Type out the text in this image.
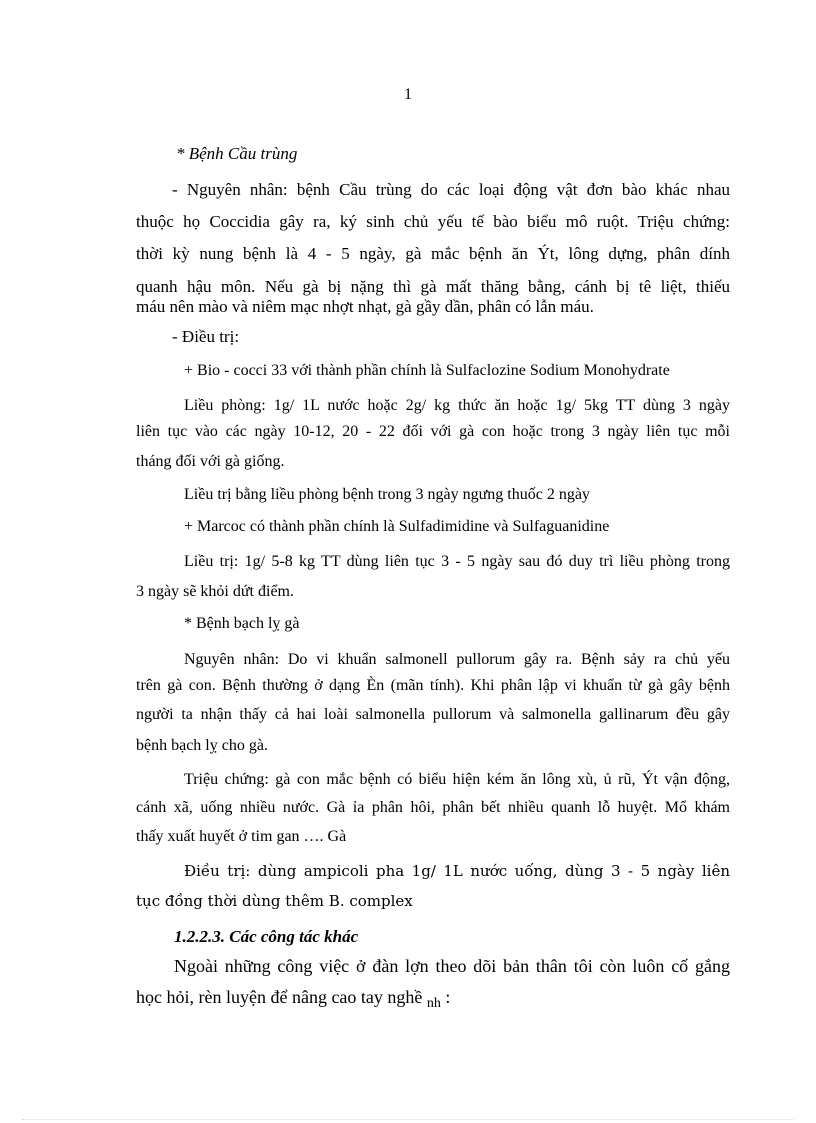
1
* Bệnh Cầu trùng
- Nguyên nhân: bệnh Cầu trùng do các loại động vật đơn bào khác nhau
thuộc họ Coccidia gây ra, ký sinh chủ yếu tế bào biểu mô ruột. Triệu chứng:
thời kỳ nung bệnh là 4 - 5 ngày, gà mắc bệnh ăn Ýt, lông dựng, phân dính
quanh hậu môn. Nếu gà bị nặng thì gà mất thăng bằng, cánh bị tê liệt, thiếu
máu nên mào và niêm mạc nhợt nhạt, gà gầy dần, phân có lẫn máu.
- Điều trị:
+ Bio - cocci 33 với thành phần chính là Sulfaclozine Sodium Monohydrate
Liều phòng: 1g/ 1L nước hoặc 2g/ kg thức ăn hoặc 1g/ 5kg TT dùng 3 ngày
liên tục vào các ngày 10-12, 20 - 22 đối với gà con hoặc trong 3 ngày liên tục mỗi
tháng đối với gà giống.
Liều trị bằng liều phòng bệnh trong 3 ngày ngưng thuốc 2 ngày
+ Marcoc có thành phần chính là Sulfadimidine và Sulfaguanidine
Liều trị: 1g/ 5-8 kg TT dùng liên tục 3 - 5 ngày sau đó duy trì liều phòng trong
3 ngày sẽ khỏi dứt điểm.
* Bệnh bạch lỵ gà
Nguyên nhân: Do vi khuẩn salmonell pullorum gây ra. Bệnh sảy ra chủ yếu
trên gà con. Bệnh thường ở dạng Èn (mãn tính). Khi phân lập vi khuẩn từ gà gây bệnh
người ta nhận thấy cả hai loài salmonella pullorum và salmonella gallinarum đều gây
bệnh bạch lỵ cho gà.
Triệu chứng: gà con mắc bệnh có biểu hiện kém ăn lông xù, ủ rũ, Ýt vận động,
cánh xã, uống nhiều nước. Gà ỉa phân hôi, phân bết nhiều quanh lỗ huyệt. Mổ khám
thấy xuất huyết ở tim gan …. Gà
Điều trị: dùng ampicoli pha 1g/ 1L nước uống, dùng 3 - 5 ngày liên
tục đồng thời dùng thêm B. complex
1.2.2.3. Các công tác khác
Ngoài những công việc ở đàn lợn theo dõi bản thân tôi còn luôn cố gắng
học hỏi, rèn luyện để nâng cao tay nghề $_{nh}$ :
